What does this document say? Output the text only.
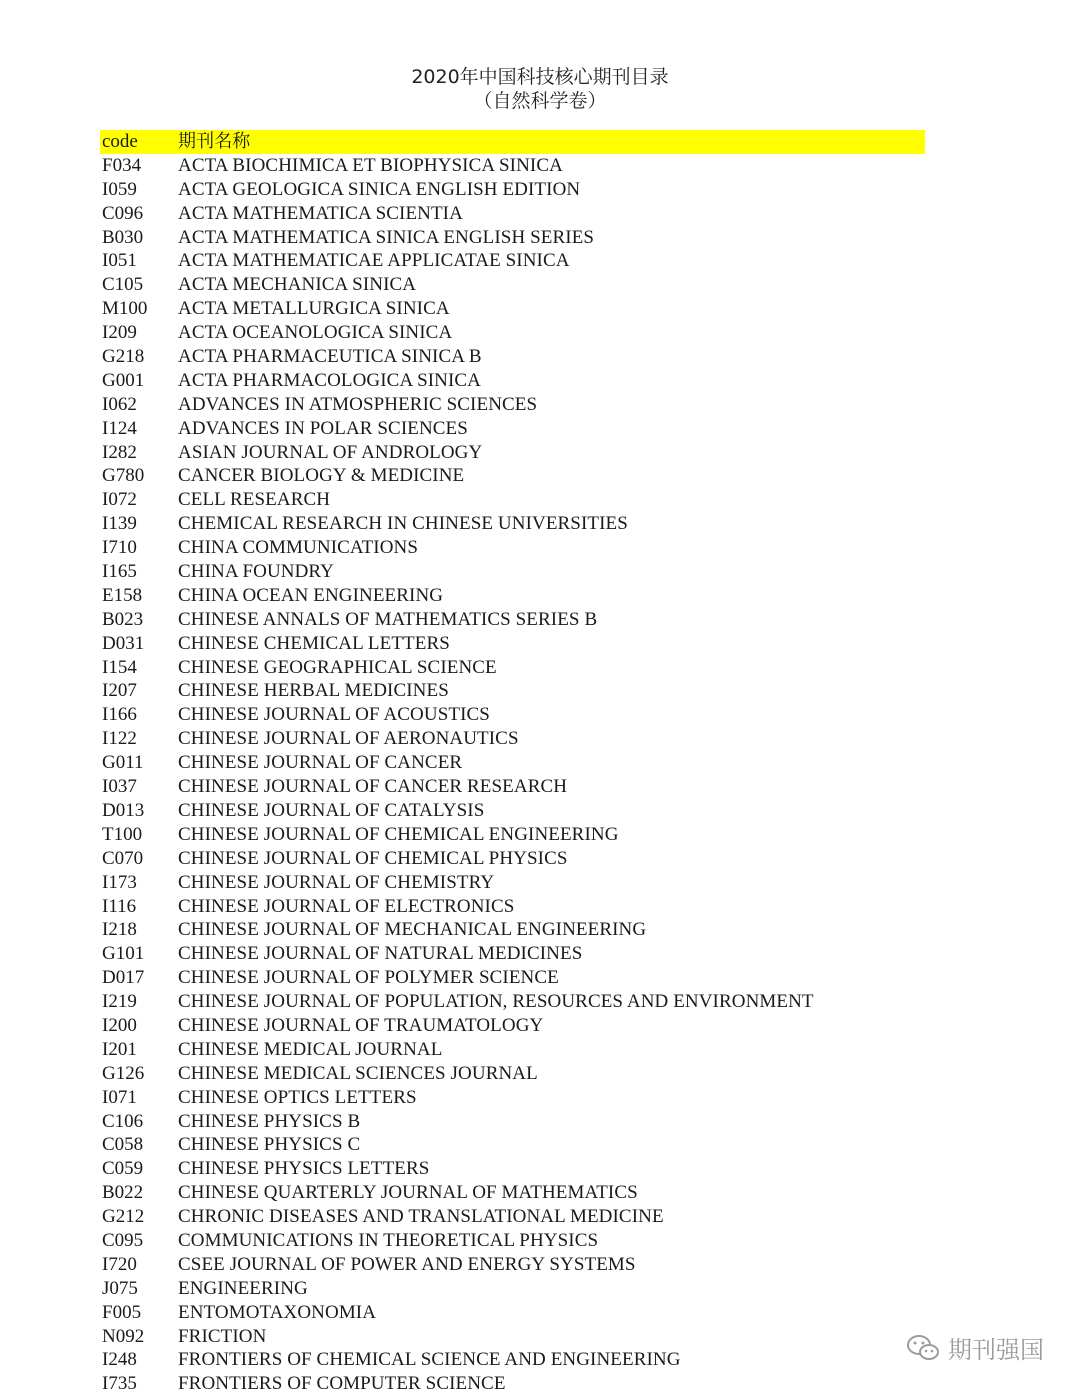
2020年中国科技核心期刊目录
（自然科学卷）
code	期刊名称
F034	ACTA BIOCHIMICA ET BIOPHYSICA SINICA
I059	ACTA GEOLOGICA SINICA ENGLISH EDITION
C096	ACTA MATHEMATICA SCIENTIA
B030	ACTA MATHEMATICA SINICA ENGLISH SERIES
I051	ACTA MATHEMATICAE APPLICATAE SINICA
C105	ACTA MECHANICA SINICA
M100	ACTA METALLURGICA SINICA
I209	ACTA OCEANOLOGICA SINICA
G218	ACTA PHARMACEUTICA SINICA B
G001	ACTA PHARMACOLOGICA SINICA
I062	ADVANCES IN ATMOSPHERIC SCIENCES
I124	ADVANCES IN POLAR SCIENCES
I282	ASIAN JOURNAL OF ANDROLOGY
G780	CANCER BIOLOGY & MEDICINE
I072	CELL RESEARCH
I139	CHEMICAL RESEARCH IN CHINESE UNIVERSITIES
I710	CHINA COMMUNICATIONS
I165	CHINA FOUNDRY
E158	CHINA OCEAN ENGINEERING
B023	CHINESE ANNALS OF MATHEMATICS SERIES B
D031	CHINESE CHEMICAL LETTERS
I154	CHINESE GEOGRAPHICAL SCIENCE
I207	CHINESE HERBAL MEDICINES
I166	CHINESE JOURNAL OF ACOUSTICS
I122	CHINESE JOURNAL OF AERONAUTICS
G011	CHINESE JOURNAL OF CANCER
I037	CHINESE JOURNAL OF CANCER RESEARCH
D013	CHINESE JOURNAL OF CATALYSIS
T100	CHINESE JOURNAL OF CHEMICAL ENGINEERING
C070	CHINESE JOURNAL OF CHEMICAL PHYSICS
I173	CHINESE JOURNAL OF CHEMISTRY
I116	CHINESE JOURNAL OF ELECTRONICS
I218	CHINESE JOURNAL OF MECHANICAL ENGINEERING
G101	CHINESE JOURNAL OF NATURAL MEDICINES
D017	CHINESE JOURNAL OF POLYMER SCIENCE
I219	CHINESE JOURNAL OF POPULATION, RESOURCES AND ENVIRONMENT
I200	CHINESE JOURNAL OF TRAUMATOLOGY
I201	CHINESE MEDICAL JOURNAL
G126	CHINESE MEDICAL SCIENCES JOURNAL
I071	CHINESE OPTICS LETTERS
C106	CHINESE PHYSICS B
C058	CHINESE PHYSICS C
C059	CHINESE PHYSICS LETTERS
B022	CHINESE QUARTERLY JOURNAL OF MATHEMATICS
G212	CHRONIC DISEASES AND TRANSLATIONAL MEDICINE
C095	COMMUNICATIONS IN THEORETICAL PHYSICS
I720	CSEE JOURNAL OF POWER AND ENERGY SYSTEMS
J075	ENGINEERING
F005	ENTOMOTAXONOMIA
N092	FRICTION
I248	FRONTIERS OF CHEMICAL SCIENCE AND ENGINEERING
I735	FRONTIERS OF COMPUTER SCIENCE
期刊强国
